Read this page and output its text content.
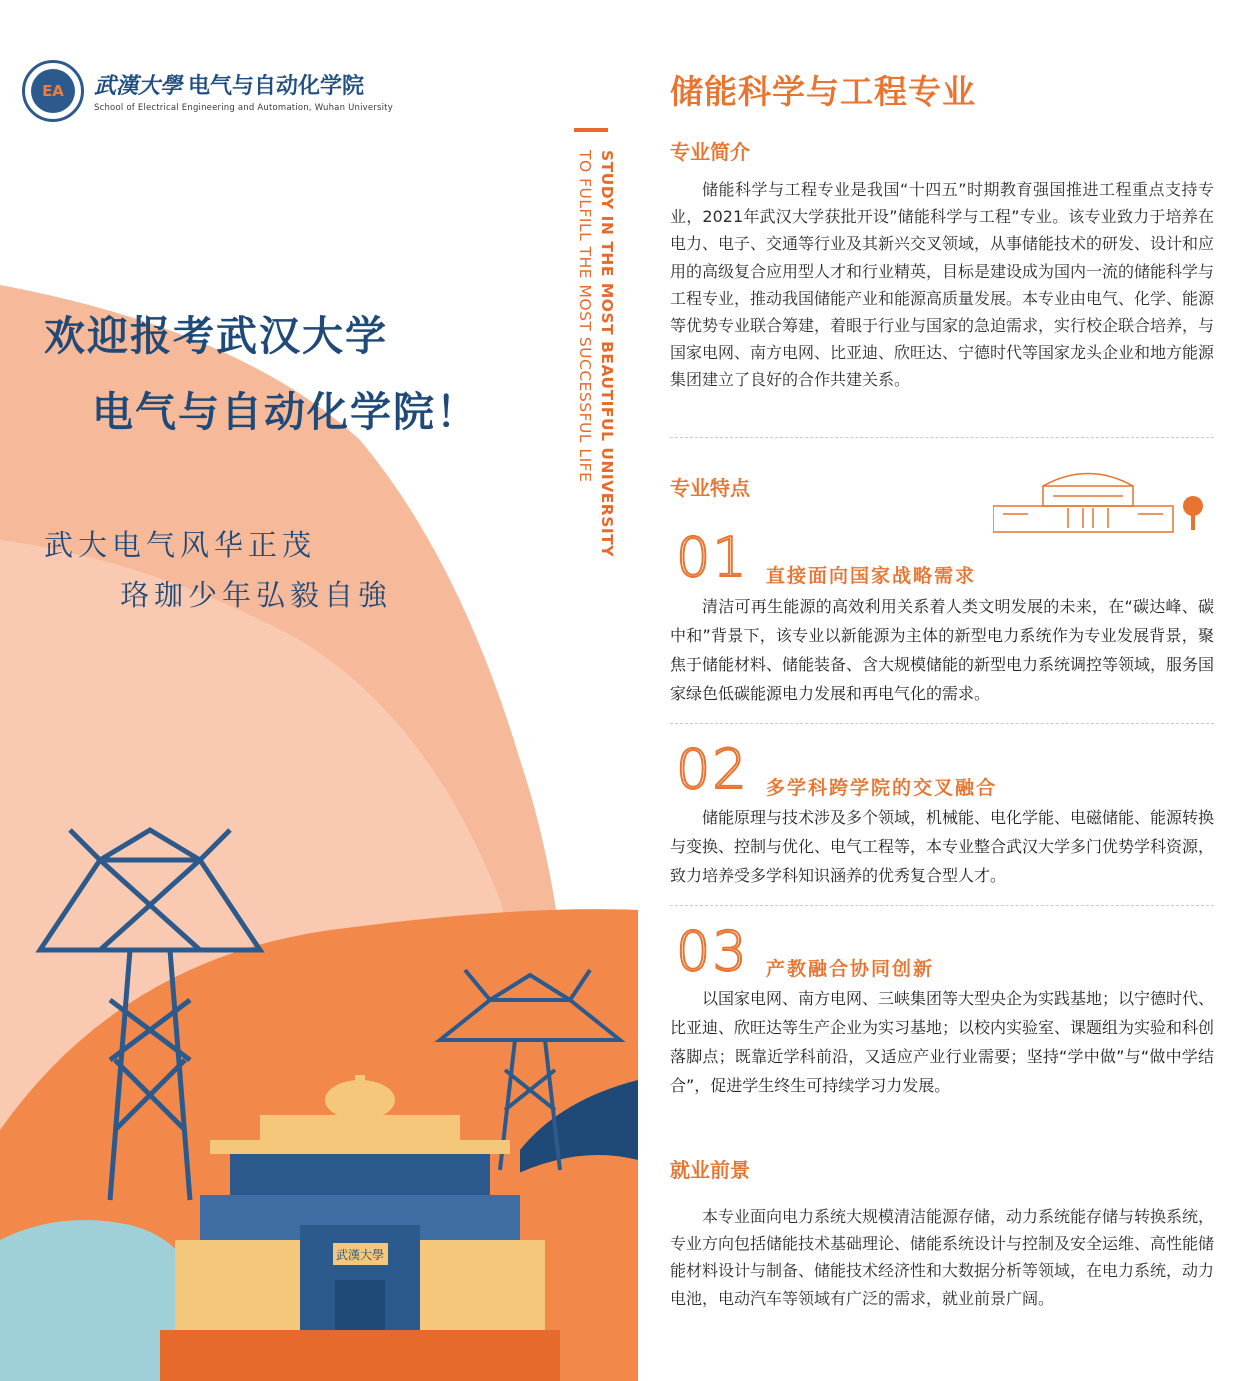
武漢大學
EA 武漢大學 电气与自动化学院
School of Electrical Engineering and Automation, Wuhan University
STUDY IN THE MOST BEAUTIFUL UNIVERSITY
TO FULFILL THE MOST SUCCESSFUL LIFE
欢迎报考武汉大学
电气与自动化学院！
武大电气风华正茂
珞珈少年弘毅自強
储能科学与工程专业
专业简介
储能科学与工程专业是我国“十四五”时期教育强国推进工程重点支持专业，2021年武汉大学获批开设”储能科学与工程”专业。该专业致力于培养在电力、电子、交通等行业及其新兴交叉领域，从事储能技术的研发、设计和应用的高级复合应用型人才和行业精英，目标是建设成为国内一流的储能科学与工程专业，推动我国储能产业和能源高质量发展。本专业由电气、化学、能源等优势专业联合筹建，着眼于行业与国家的急迫需求，实行校企联合培养，与国家电网、南方电网、比亚迪、欣旺达、宁德时代等国家龙头企业和地方能源集团建立了良好的合作共建关系。
专业特点
01 直接面向国家战略需求
清洁可再生能源的高效利用关系着人类文明发展的未来，在“碳达峰、碳中和”背景下，该专业以新能源为主体的新型电力系统作为专业发展背景，聚焦于储能材料、储能装备、含大规模储能的新型电力系统调控等领域，服务国家绿色低碳能源电力发展和再电气化的需求。
02 多学科跨学院的交叉融合
储能原理与技术涉及多个领域，机械能、电化学能、电磁储能、能源转换与变换、控制与优化、电气工程等，本专业整合武汉大学多门优势学科资源，致力培养受多学科知识涵养的优秀复合型人才。
03 产教融合协同创新
以国家电网、南方电网、三峡集团等大型央企为实践基地；以宁德时代、比亚迪、欣旺达等生产企业为实习基地；以校内实验室、课题组为实验和科创落脚点；既靠近学科前沿，又适应产业行业需要；坚持“学中做”与“做中学结合”，促进学生终生可持续学习力发展。
就业前景
本专业面向电力系统大规模清洁能源存储，动力系统能存储与转换系统，专业方向包括储能技术基础理论、储能系统设计与控制及安全运维、高性能储能材料设计与制备、储能技术经济性和大数据分析等领域，在电力系统，动力电池，电动汽车等领域有广泛的需求，就业前景广阔。
